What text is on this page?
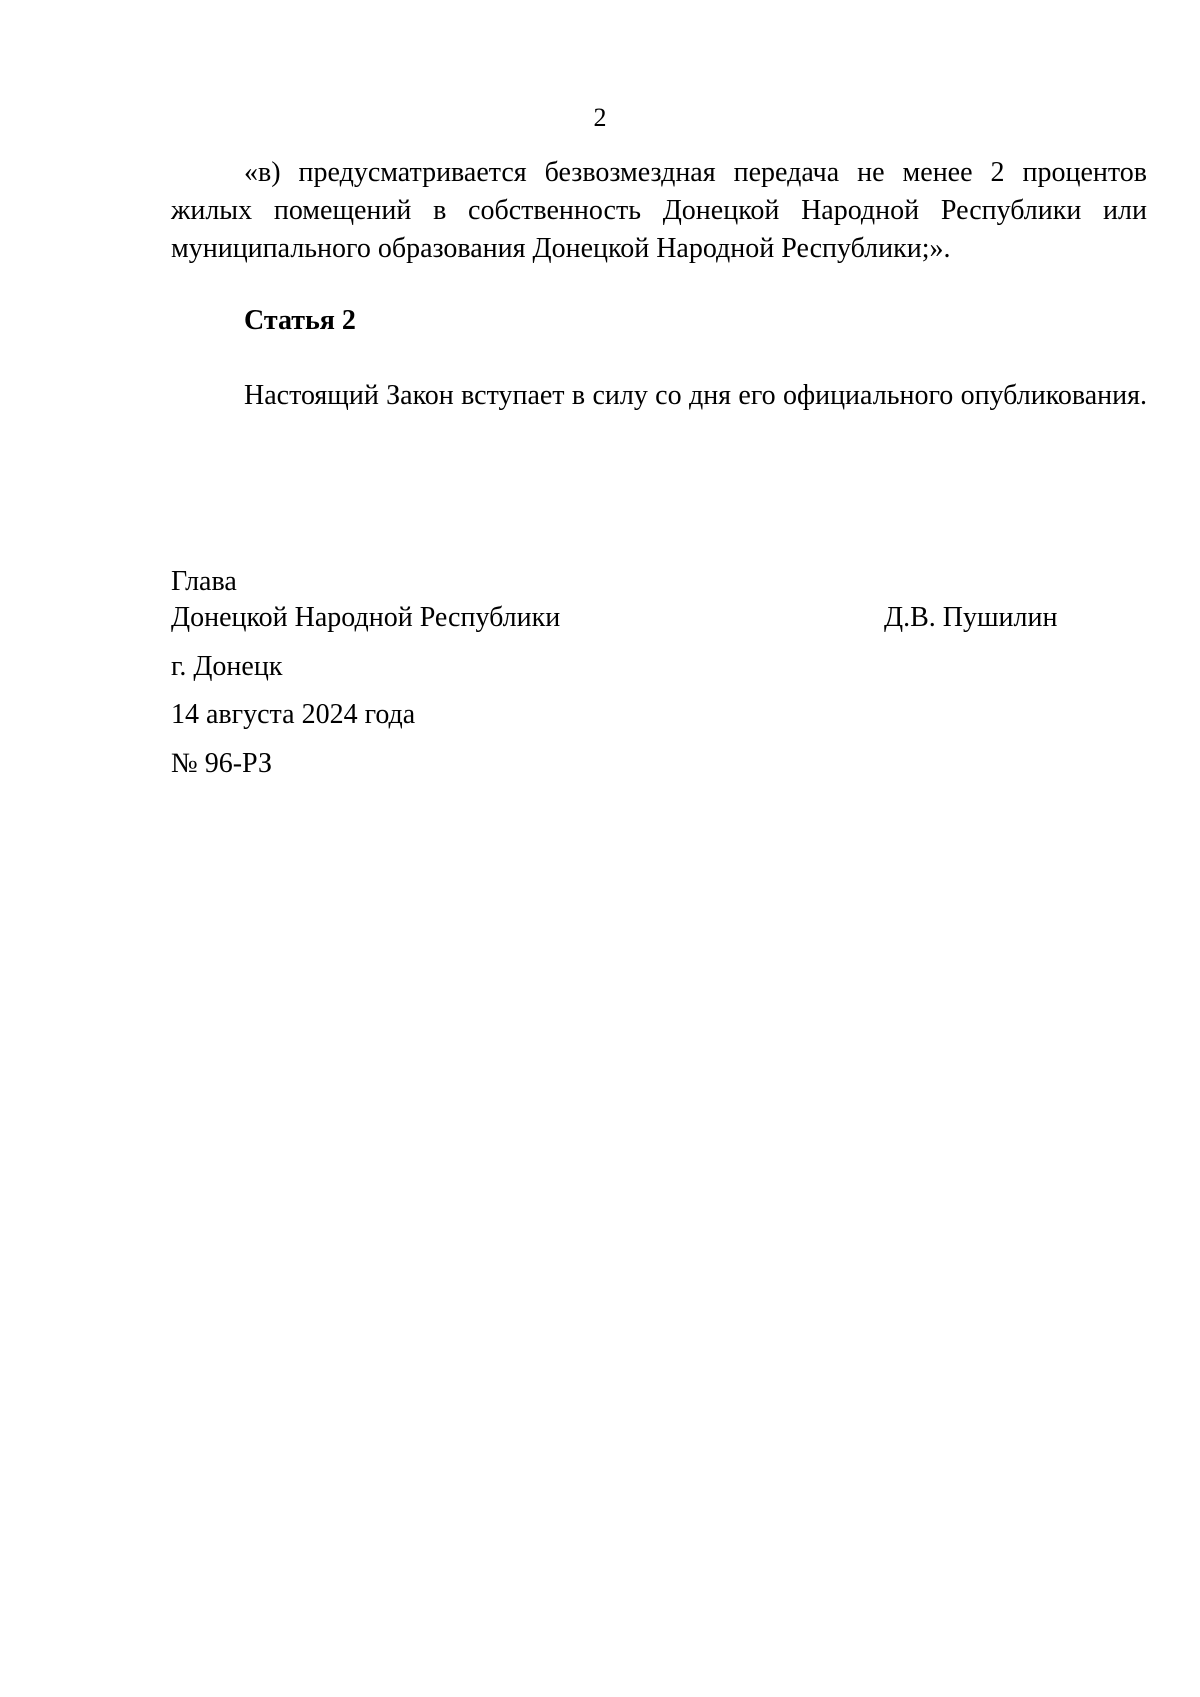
2
«в) предусматривается безвозмездная передача не менее 2 процентов
жилых помещений в собственность Донецкой Народной Республики или
муниципального образования Донецкой Народной Республики;».
Статья 2
Настоящий Закон вступает в силу со дня его официального опубликования.
Глава
Донецкой Народной Республики	Д.В. Пушилин
г. Донецк
14 августа 2024 года
№ 96-РЗ
